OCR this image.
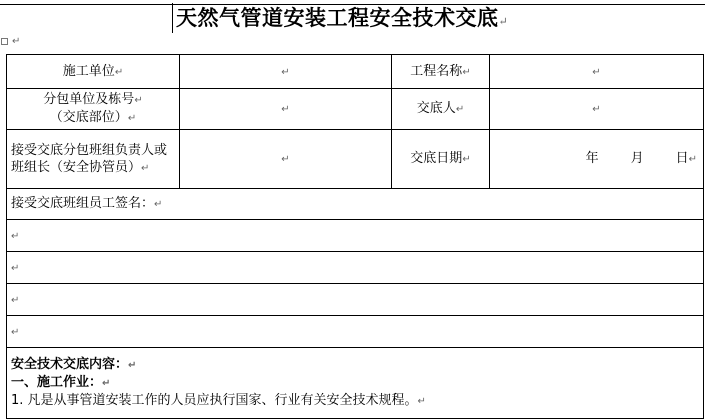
天然气管道安装工程安全技术交底↵
↵
施工单位↵	↵	工程名称↵	↵
分包单位及栋号↵
（交底部位）↵	↵	交底人↵	↵
接受交底分包班组负责人或班组长（安全协管员）↵	↵	交底日期↵	年 月 日↵

接受交底班组员工签名：↵			
↵			
↵			
↵			
↵			

安全技术交底内容：↵
一、施工作业：↵
1. 凡是从事管道安装工作的人员应执行国家、行业有关安全技术规程。↵			
